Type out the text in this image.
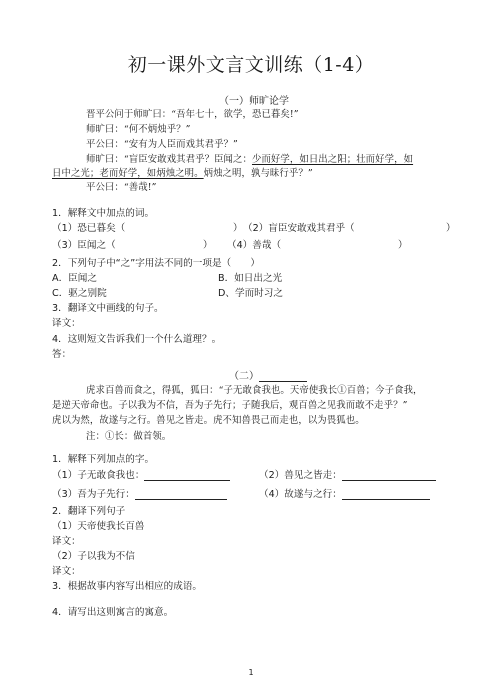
初一课外文言文训练（1-4）
（一）师旷论学
晋平公问于师旷曰：“吾年七十，欲学，恐已暮矣!”
师旷曰：“何不炳烛乎？”
平公曰：“安有为人臣而戏其君乎？”
师旷曰：“盲臣安敢戏其君乎？臣闻之：少而好学，如日出之阳；壮而好学，如
日中之光；老而好学，如炳烛之明。炳烛之明，孰与昧行乎？”
平公曰：“善哉!”
1．解释文中加点的词。
（1）恐已暮矣（	） （2）盲臣安敢戏其君乎（	）
（3）臣闻之（	） （4）善哉（	）
2．下列句子中“之”字用法不同的一项是（　　）
A．臣闻之	B．如日出之光
C．驱之别院	D、学而时习之
3．翻译文中画线的句子。
译文：
4．这则短文告诉我们一个什么道理？。
答：
（二）
虎求百兽而食之，得狐，狐曰：“子无敢食我也。天帝使我长①百兽；今子食我，
是逆天帝命也。子以我为不信，吾为子先行；子随我后，观百兽之见我而敢不走乎？”
虎以为然，故遂与之行。兽见之皆走。虎不知兽畏己而走也，以为畏狐也。
注：①长：做首领。
1．解释下列加点的字。
（1）子无敢食我也：	（2）兽见之皆走：
（3）吾为子先行：	（4）故遂与之行：
2．翻译下列句子
（1）天帝使我长百兽
译文：
（2）子以我为不信
译文：
3．根据故事内容写出相应的成语。
4．请写出这则寓言的寓意。
1
